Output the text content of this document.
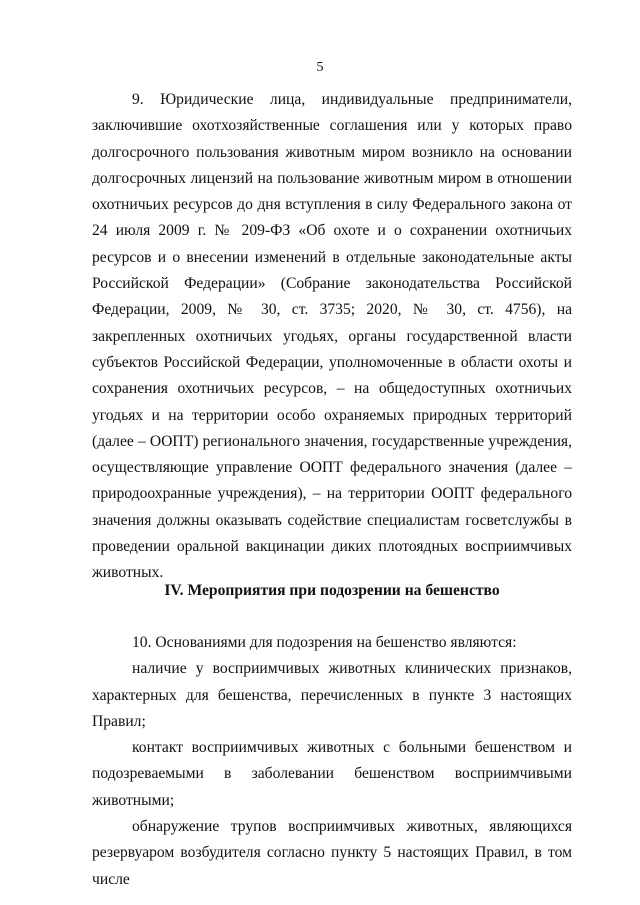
5

9. Юридические лица, индивидуальные предприниматели, заключившие охотхозяйственные соглашения или у которых право долгосрочного пользования животным миром возникло на основании долгосрочных лицензий на пользование животным миром в отношении охотничьих ресурсов до дня вступления в силу Федерального закона от 24 июля 2009 г. № 209-ФЗ «Об охоте и о сохранении охотничьих ресурсов и о внесении изменений в отдельные законодательные акты Российской Федерации» (Собрание законодательства Российской Федерации, 2009, № 30, ст. 3735; 2020, № 30, ст. 4756), на закрепленных охотничьих угодьях, органы государственной власти субъектов Российской Федерации, уполномоченные в области охоты и сохранения охотничьих ресурсов, – на общедоступных охотничьих угодьях и на территории особо охраняемых природных территорий (далее – ООПТ) регионального значения, государственные учреждения, осуществляющие управление ООПТ федерального значения (далее – природоохранные учреждения), – на территории ООПТ федерального значения должны оказывать содействие специалистам госветслужбы в проведении оральной вакцинации диких плотоядных восприимчивых животных.

IV. Мероприятия при подозрении на бешенство

10. Основаниями для подозрения на бешенство являются:

наличие у восприимчивых животных клинических признаков, характерных для бешенства, перечисленных в пункте 3 настоящих Правил;

контакт восприимчивых животных с больными бешенством и подозреваемыми в заболевании бешенством восприимчивыми животными;

обнаружение трупов восприимчивых животных, являющихся резервуаром возбудителя согласно пункту 5 настоящих Правил, в том числе
